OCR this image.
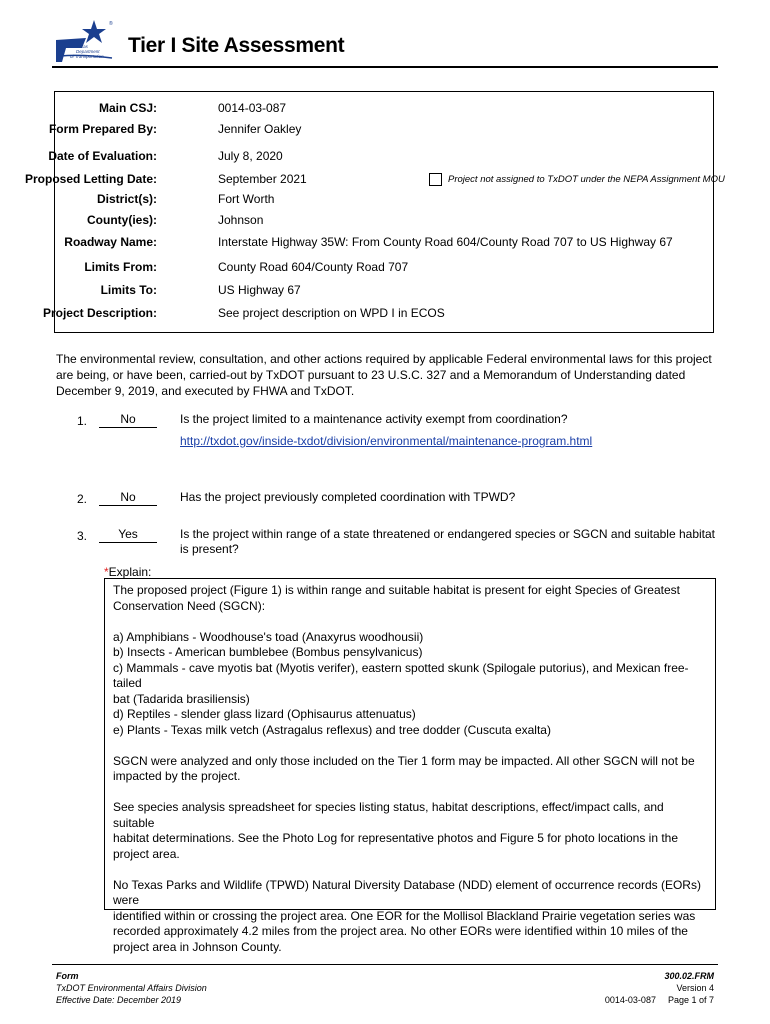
®
Texas
Department
of Transportation Tier I Site Assessment
Main CSJ:	0014-03-087
Form Prepared By:	Jennifer Oakley
Date of Evaluation:	July 8, 2020
Proposed Letting Date:	September 2021
District(s):	Fort Worth
County(ies):	Johnson
Roadway Name:	Interstate Highway 35W: From County Road 604/County Road 707 to US Highway 67
Limits From:	County Road 604/County Road 707
Limits To:	US Highway 67
Project Description:	See project description on WPD I in ECOS
Project not assigned to TxDOT under the NEPA Assignment MOU
The environmental review, consultation, and other actions required by applicable Federal environmental laws for this project
are being, or have been, carried-out by TxDOT pursuant to 23 U.S.C. 327 and a Memorandum of Understanding dated
December 9, 2019, and executed by FHWA and TxDOT.
1.	No	Is the project limited to a maintenance activity exempt from coordination?
http://txdot.gov/inside-txdot/division/environmental/maintenance-program.html
2.	No	Has the project previously completed coordination with TPWD?
3.	Yes	Is the project within range of a state threatened or endangered species or SGCN and suitable habitat
is present?
*Explain:

The proposed project (Figure 1) is within range and suitable habitat is present for eight Species of Greatest

Conservation Need (SGCN):

a) Amphibians - Woodhouse's toad (Anaxyrus woodhousii)

b) Insects - American bumblebee (Bombus pensylvanicus)

c) Mammals - cave myotis bat (Myotis verifer), eastern spotted skunk (Spilogale putorius), and Mexican free-tailed

bat (Tadarida brasiliensis)

d) Reptiles - slender glass lizard (Ophisaurus attenuatus)

e) Plants - Texas milk vetch (Astragalus reflexus) and tree dodder (Cuscuta exalta)

SGCN were analyzed and only those included on the Tier 1 form may be impacted. All other SGCN will not be

impacted by the project.

See species analysis spreadsheet for species listing status, habitat descriptions, effect/impact calls, and suitable

habitat determinations. See the Photo Log for representative photos and Figure 5 for photo locations in the

project area.

No Texas Parks and Wildlife (TPWD) Natural Diversity Database (NDD) element of occurrence records (EORs) were

identified within or crossing the project area. One EOR for the Mollisol Blackland Prairie vegetation series was

recorded approximately 4.2 miles from the project area. No other EORs were identified within 10 miles of the

project area in Johnson County.

Form
TxDOT Environmental Affairs Division
Effective Date: December 2019
300.02.FRM
Version 4
0014-03-087 Page 1 of 7
